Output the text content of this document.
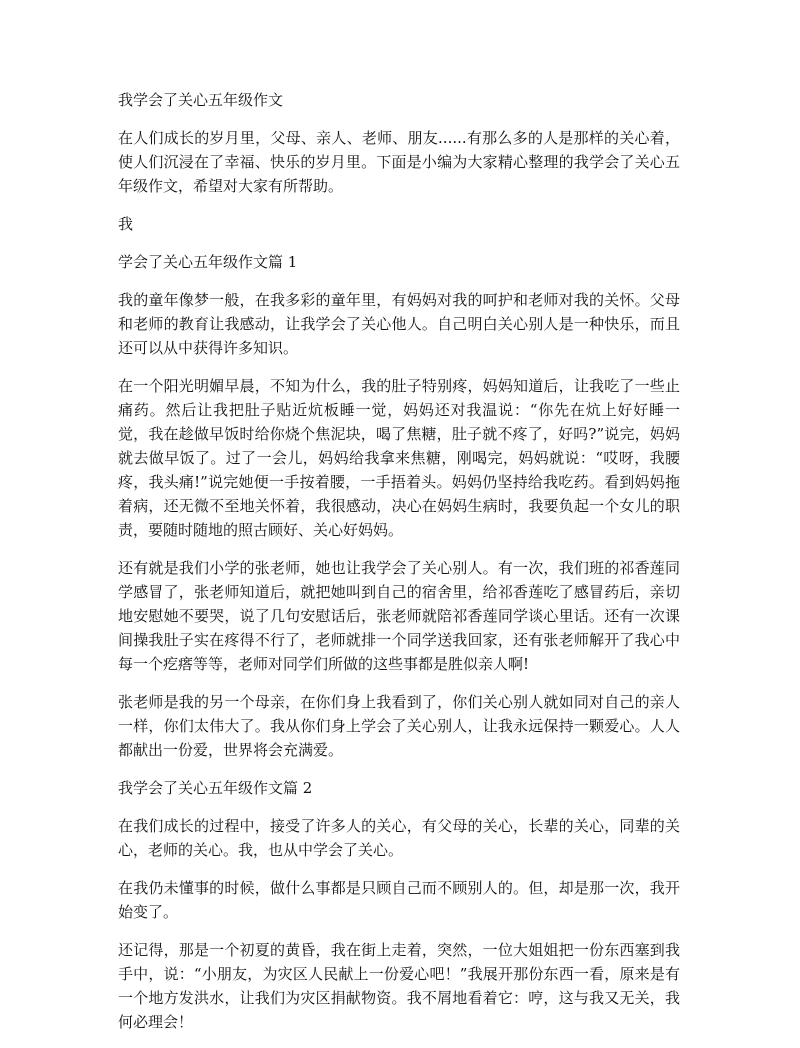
我学会了关心五年级作文
在人们成长的岁月里，父母、亲人、老师、朋友......有那么多的人是那样的关心着，使人们沉浸在了幸福、快乐的岁月里。下面是小编为大家精心整理的我学会了关心五年级作文，希望对大家有所帮助。
我
学会了关心五年级作文篇 1
我的童年像梦一般，在我多彩的童年里，有妈妈对我的呵护和老师对我的关怀。父母和老师的教育让我感动，让我学会了关心他人。自己明白关心别人是一种快乐，而且还可以从中获得许多知识。
在一个阳光明媚早晨，不知为什么，我的肚子特别疼，妈妈知道后，让我吃了一些止痛药。然后让我把肚子贴近炕板睡一觉，妈妈还对我温说：“你先在炕上好好睡一觉，我在趁做早饭时给你烧个焦泥块，喝了焦糖，肚子就不疼了，好吗?”说完，妈妈就去做早饭了。过了一会儿，妈妈给我拿来焦糖，刚喝完，妈妈就说：“哎呀，我腰疼，我头痛!”说完她便一手按着腰，一手捂着头。妈妈仍坚持给我吃药。看到妈妈拖着病，还无微不至地关怀着，我很感动，决心在妈妈生病时，我要负起一个女儿的职责，要随时随地的照古顾好、关心好妈妈。
还有就是我们小学的张老师，她也让我学会了关心别人。有一次，我们班的祁香莲同学感冒了，张老师知道后，就把她叫到自己的宿舍里，给祁香莲吃了感冒药后，亲切地安慰她不要哭，说了几句安慰话后，张老师就陪祁香莲同学谈心里话。还有一次课间操我肚子实在疼得不行了，老师就排一个同学送我回家，还有张老师解开了我心中每一个疙瘩等等，老师对同学们所做的这些事都是胜似亲人啊!
张老师是我的另一个母亲，在你们身上我看到了，你们关心别人就如同对自己的亲人一样，你们太伟大了。我从你们身上学会了关心别人，让我永远保持一颗爱心。人人都献出一份爱，世界将会充满爱。
我学会了关心五年级作文篇 2
在我们成长的过程中，接受了许多人的关心，有父母的关心，长辈的关心，同辈的关心，老师的关心。我，也从中学会了关心。
在我仍未懂事的时候，做什么事都是只顾自己而不顾别人的。但，却是那一次，我开始变了。
还记得，那是一个初夏的黄昏，我在街上走着，突然，一位大姐姐把一份东西塞到我手中，说：“小朋友，为灾区人民献上一份爱心吧！”我展开那份东西一看，原来是有一个地方发洪水，让我们为灾区捐献物资。我不屑地看着它：哼，这与我又无关，我何必理会！
